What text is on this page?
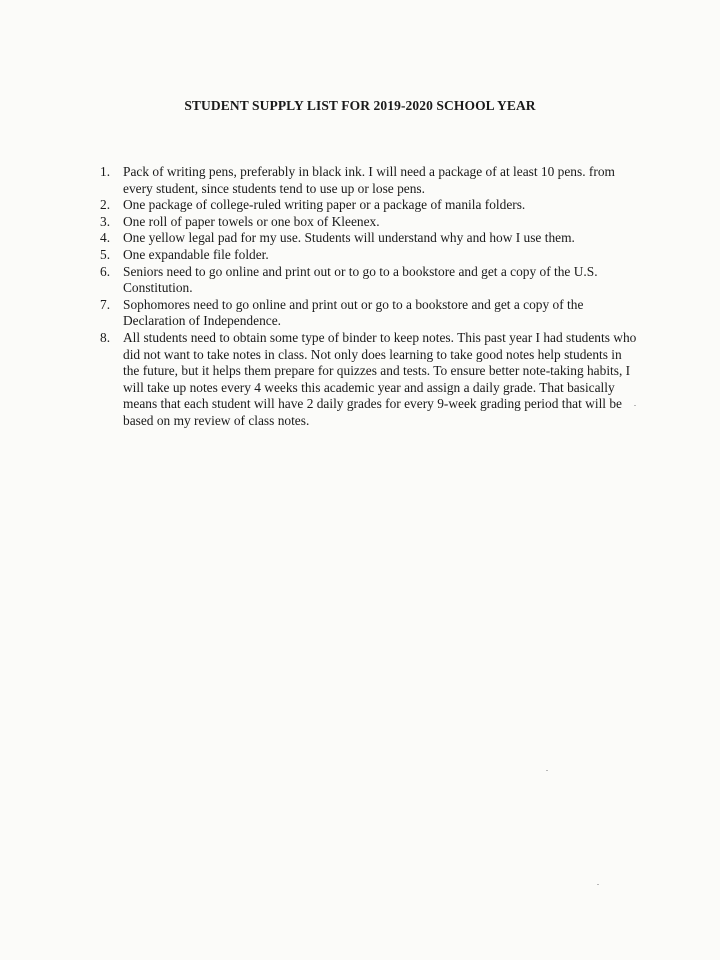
STUDENT SUPPLY LIST FOR 2019-2020 SCHOOL YEAR
1. Pack of writing pens, preferably in black ink. I will need a package of at least 10 pens. from every student, since students tend to use up or lose pens.
2. One package of college-ruled writing paper or a package of manila folders.
3. One roll of paper towels or one box of Kleenex.
4. One yellow legal pad for my use. Students will understand why and how I use them.
5. One expandable file folder.
6. Seniors need to go online and print out or to go to a bookstore and get a copy of the U.S. Constitution.
7. Sophomores need to go online and print out or go to a bookstore and get a copy of the Declaration of Independence.
8. All students need to obtain some type of binder to keep notes. This past year I had students who did not want to take notes in class. Not only does learning to take good notes help students in the future, but it helps them prepare for quizzes and tests. To ensure better note-taking habits, I will take up notes every 4 weeks this academic year and assign a daily grade. That basically means that each student will have 2 daily grades for every 9-week grading period that will be based on my review of class notes.
